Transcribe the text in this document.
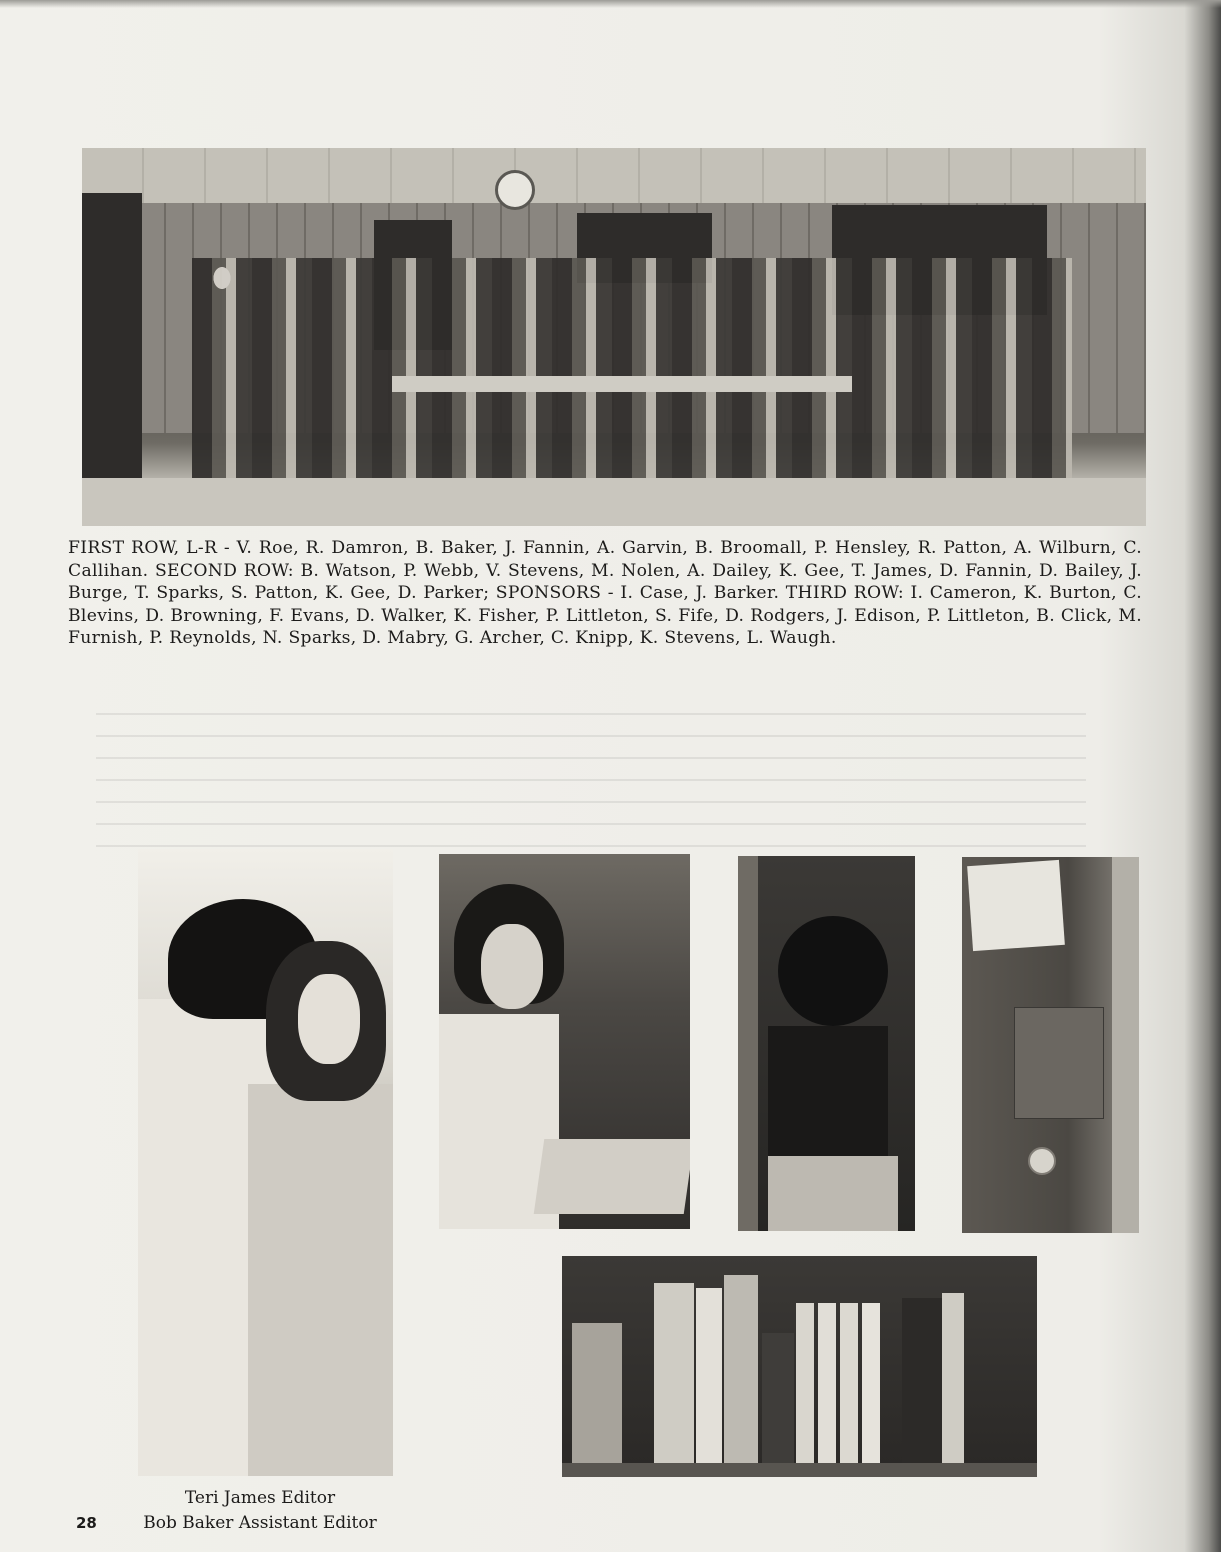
FIRST ROW, L-R - V. Roe, R. Damron, B. Baker, J. Fannin, A. Garvin, B. Broomall, P. Hensley, R. Patton, A. Wilburn, C. Callihan. SECOND ROW: B. Watson, P. Webb, V. Stevens, M. Nolen, A. Dailey, K. Gee, T. James, D. Fannin, D. Bailey, J. Burge, T. Sparks, S. Patton, K. Gee, D. Parker; SPONSORS - I. Case, J. Barker. THIRD ROW: I. Cameron, K. Burton, C. Blevins, D. Browning, F. Evans, D. Walker, K. Fisher, P. Littleton, S. Fife, D. Rodgers, J. Edison, P. Littleton, B. Click, M. Furnish, P. Reynolds, N. Sparks, D. Mabry, G. Archer, C. Knipp, K. Stevens, L. Waugh.
Teri James Editor
Bob Baker Assistant Editor
28
